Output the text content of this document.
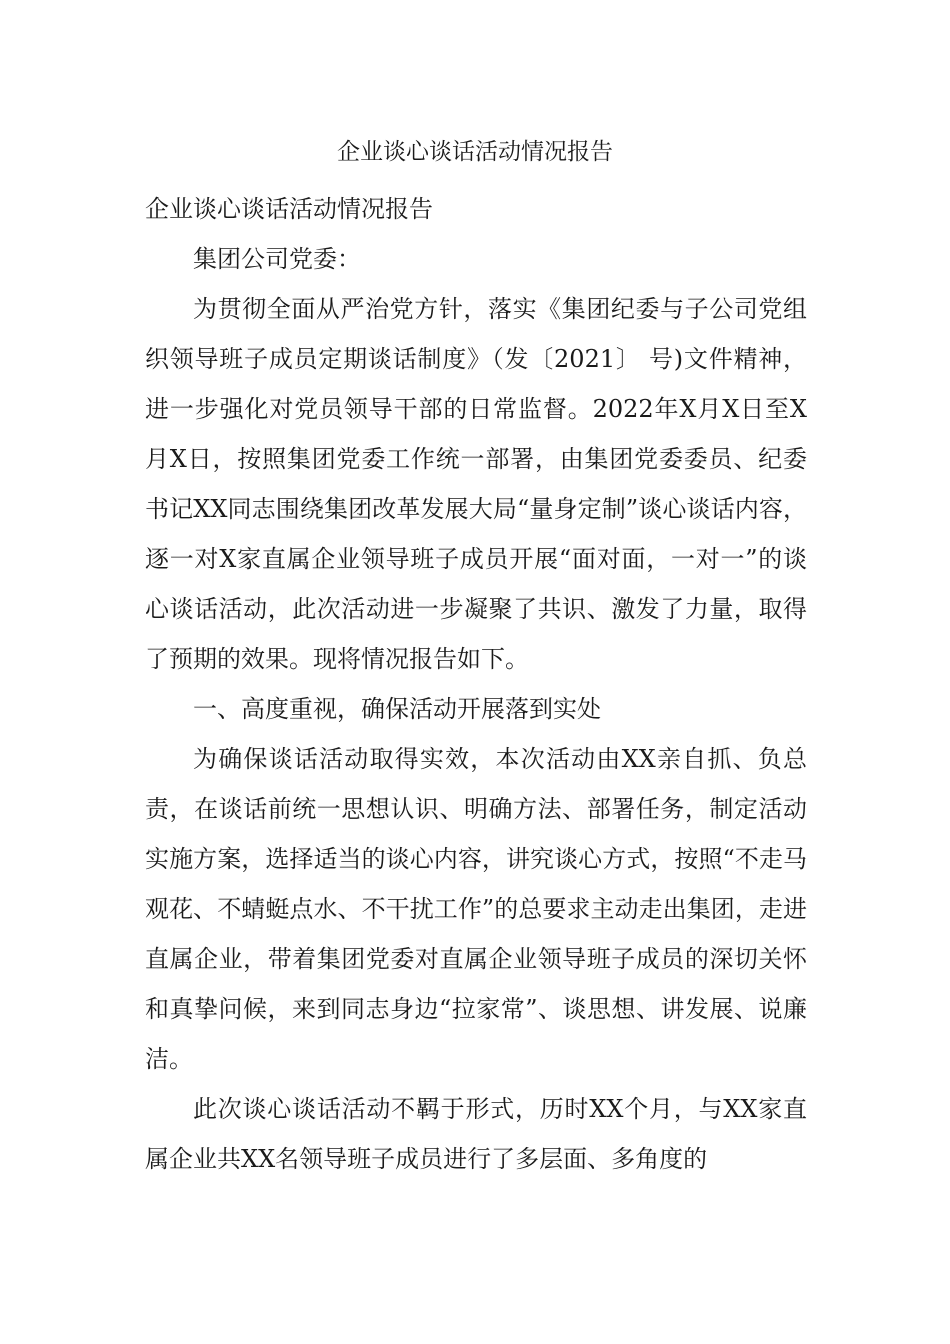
企业谈心谈话活动情况报告

企业谈心谈话活动情况报告

集团公司党委：

为贯彻全面从严治党方针，落实《集团纪委与子公司党组织领导班子成员定期谈话制度》（发〔2021〕 号)文件精神，进一步强化对党员领导干部的日常监督。2022年X月X日至X月X日，按照集团党委工作统一部署，由集团党委委员、纪委书记XX同志围绕集团改革发展大局“量身定制”谈心谈话内容，逐一对X家直属企业领导班子成员开展“面对面，一对一”的谈心谈话活动，此次活动进一步凝聚了共识、激发了力量，取得了预期的效果。现将情况报告如下。

一、高度重视，确保活动开展落到实处

为确保谈话活动取得实效，本次活动由XX亲自抓、负总责，在谈话前统一思想认识、明确方法、部署任务，制定活动实施方案，选择适当的谈心内容，讲究谈心方式，按照“不走马观花、不蜻蜓点水、不干扰工作”的总要求主动走出集团，走进直属企业，带着集团党委对直属企业领导班子成员的深切关怀和真挚问候，来到同志身边“拉家常”、谈思想、讲发展、说廉洁。

此次谈心谈话活动不羁于形式，历时XX个月，与XX家直属企业共XX名领导班子成员进行了多层面、多角度的
